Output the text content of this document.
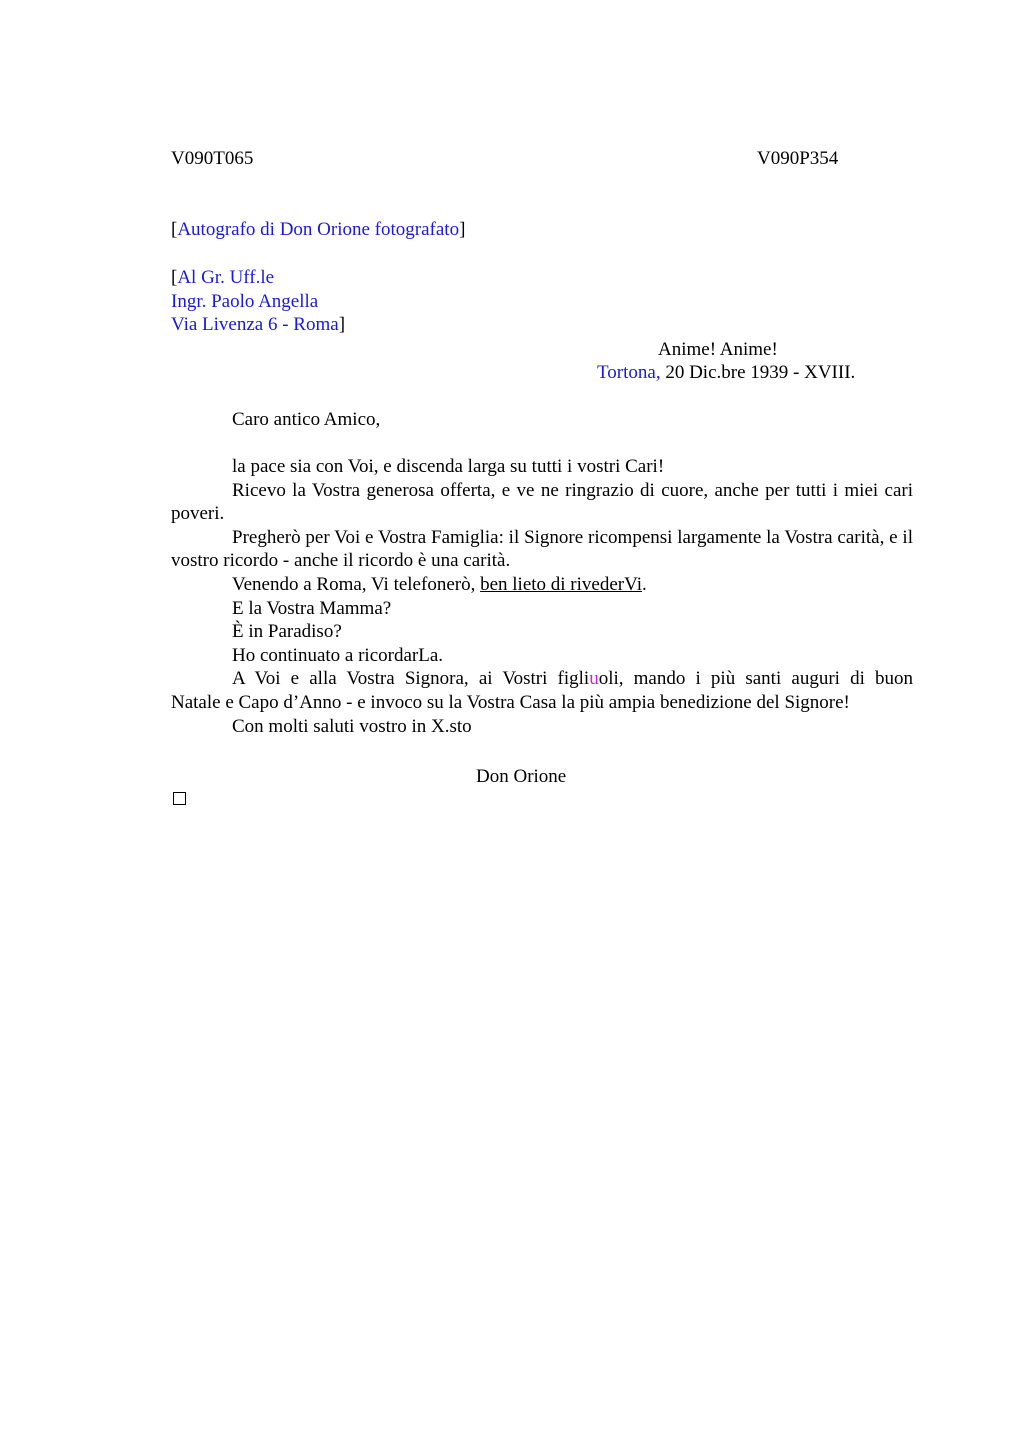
V090T065	V090P354
[Autografo di Don Orione fotografato]
[Al Gr. Uff.le
Ingr. Paolo Angella
Via Livenza 6 - Roma]
Anime! Anime!
Tortona, 20 Dic.bre 1939 - XVIII.
Caro antico Amico,
la pace sia con Voi, e discenda larga su tutti i vostri Cari!
Ricevo la Vostra generosa offerta, e ve ne ringrazio di cuore, anche per tutti i miei cari poveri.
Pregherò per Voi e Vostra Famiglia: il Signore ricompensi largamente la Vostra carità, e il vostro ricordo - anche il ricordo è una carità.
Venendo a Roma, Vi telefonerò, ben lieto di rivederVi.
E la Vostra Mamma?
È in Paradiso?
Ho continuato a ricordarLa.
A Voi e alla Vostra Signora, ai Vostri figliuoli, mando i più santi auguri di buon
Natale e Capo d’Anno - e invoco su la Vostra Casa la più ampia benedizione del Signore!
Con molti saluti vostro in X.sto
Don Orione
